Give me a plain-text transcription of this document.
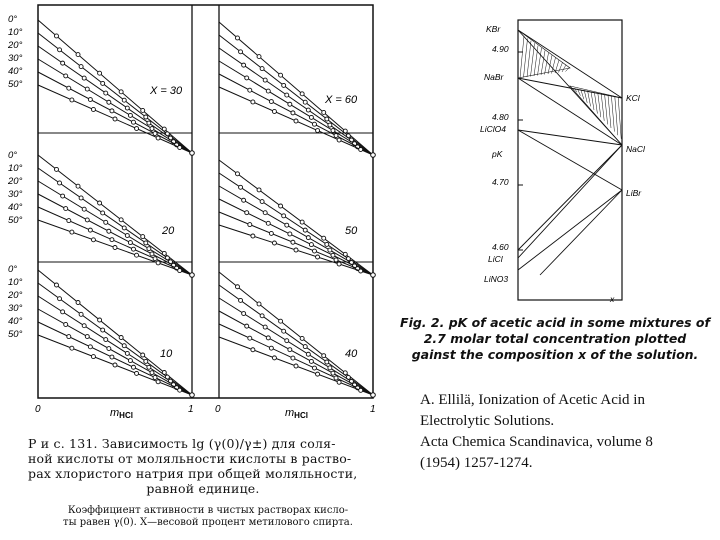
X = 30
X = 60
20	50
10	40
0°
10°
20°
30°
40°
50°
0°
10°
20°
30°
40°
50°
0°
10°
20°
30°
40°
50°
0	1 0	1
mHCl	mHCl
KBr
4.90
NaBr
4.80
LiClO4
pK
4.70
4.60
LiCl
LiNO3
KCl
NaCl
LiBr
x
Р и с. 131. Зависимость lg (γ(0)/γ±) для соля-
ной кислоты от моляльности кислоты в раство-
рах хлористого натрия при общей моляльности,
равной единице.
Коэффициент активности в чистых растворах кисло-
ты равен γ(0). X—весовой процент метилового спирта.
Fig. 2. pK of acetic acid in some mixtures of 2.7 molar total concentration plotted gainst the composition x of the solution.
A. Ellilä, Ionization of Acetic Acid in
Electrolytic Solutions.
Acta Chemica Scandinavica, volume 8
(1954) 1257-1274.
